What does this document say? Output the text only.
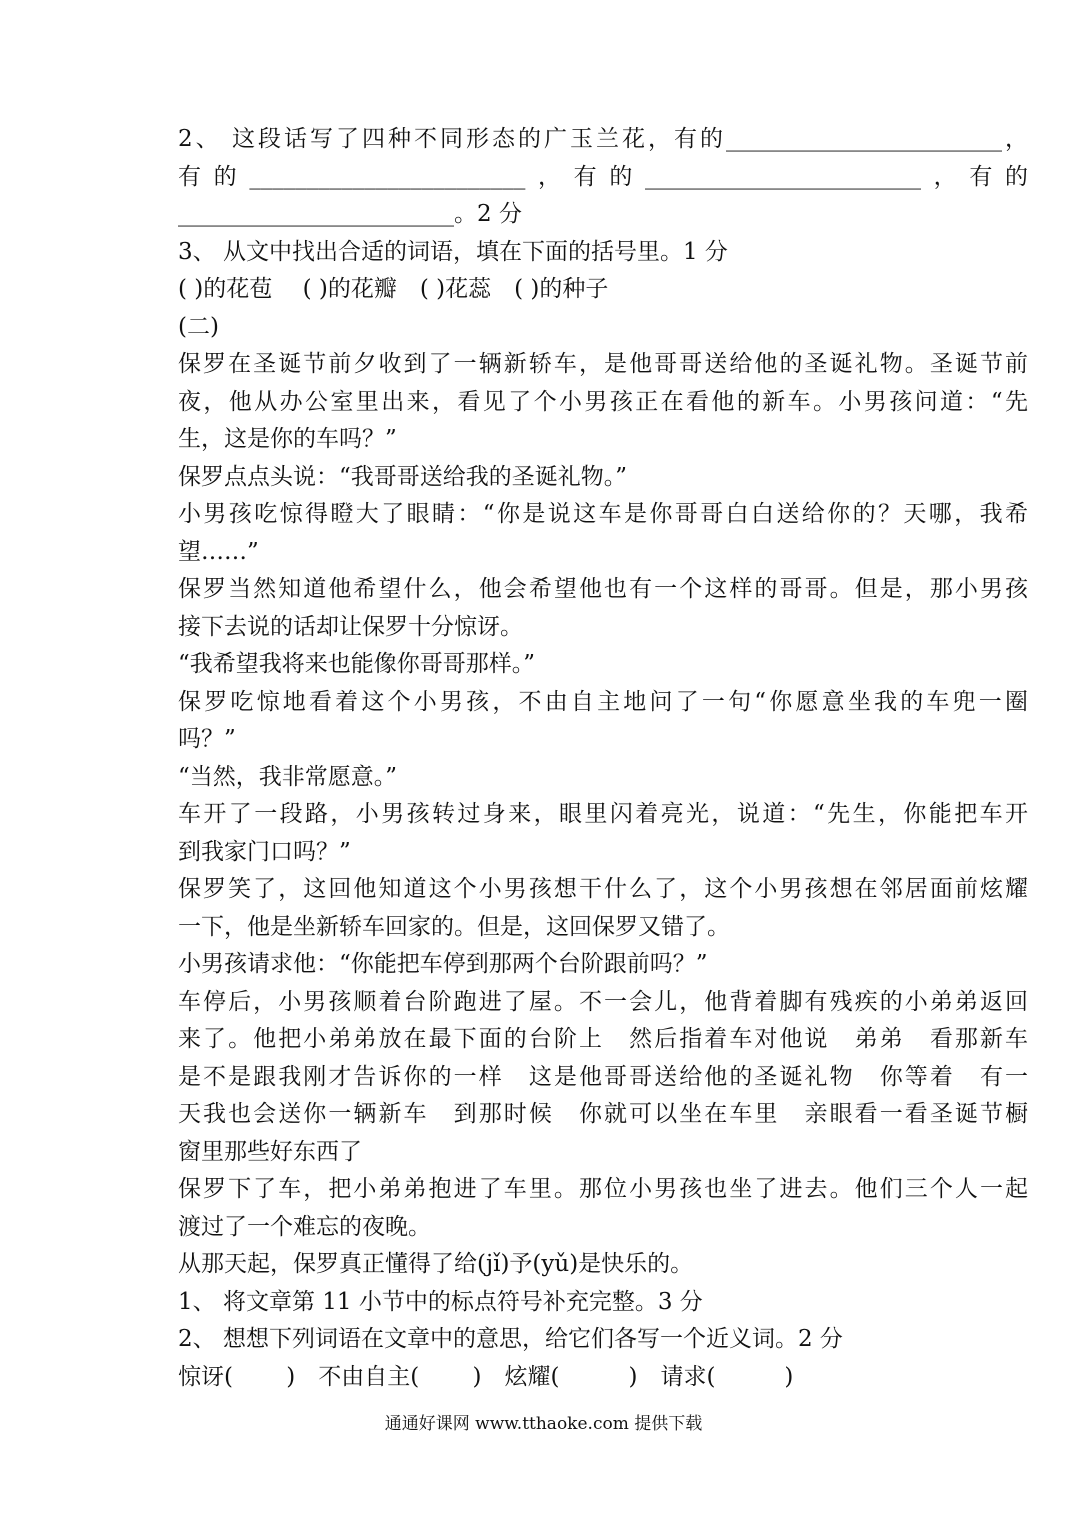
2、 这段话写了四种不同形态的广玉兰花，有的________________________，
有的________________________，有的________________________，有的
________________________。2 分
3、 从文中找出合适的词语，填在下面的括号里。1 分
( )的花苞　 ( )的花瓣　( )花蕊　( )的种子
(二)
保罗在圣诞节前夕收到了一辆新轿车，是他哥哥送给他的圣诞礼物。圣诞节前
夜，他从办公室里出来，看见了个小男孩正在看他的新车。小男孩问道：“先
生，这是你的车吗？”
保罗点点头说：“我哥哥送给我的圣诞礼物。”
小男孩吃惊得瞪大了眼睛：“你是说这车是你哥哥白白送给你的？天哪，我希
望……”
保罗当然知道他希望什么，他会希望他也有一个这样的哥哥。但是，那小男孩
接下去说的话却让保罗十分惊讶。
“我希望我将来也能像你哥哥那样。”
保罗吃惊地看着这个小男孩，不由自主地问了一句“你愿意坐我的车兜一圈
吗？”
“当然，我非常愿意。”
车开了一段路，小男孩转过身来，眼里闪着亮光，说道：“先生，你能把车开
到我家门口吗？”
保罗笑了，这回他知道这个小男孩想干什么了，这个小男孩想在邻居面前炫耀
一下，他是坐新轿车回家的。但是，这回保罗又错了。
小男孩请求他：“你能把车停到那两个台阶跟前吗？”
车停后，小男孩顺着台阶跑进了屋。不一会儿，他背着脚有残疾的小弟弟返回
来了。他把小弟弟放在最下面的台阶上　然后指着车对他说　弟弟　看那新车
是不是跟我刚才告诉你的一样　这是他哥哥送给他的圣诞礼物　你等着　有一
天我也会送你一辆新车　到那时候　你就可以坐在车里　亲眼看一看圣诞节橱
窗里那些好东西了
保罗下了车，把小弟弟抱进了车里。那位小男孩也坐了进去。他们三个人一起
渡过了一个难忘的夜晚。
从那天起，保罗真正懂得了给(jǐ)予(yǔ)是快乐的。
1、 将文章第 11 小节中的标点符号补充完整。3 分
2、 想想下列词语在文章中的意思，给它们各写一个近义词。2 分
惊讶(　　 )　不由自主(　　 )　炫耀(　　　)　请求(　　　)
通通好课网 www.tthaoke.com 提供下载
